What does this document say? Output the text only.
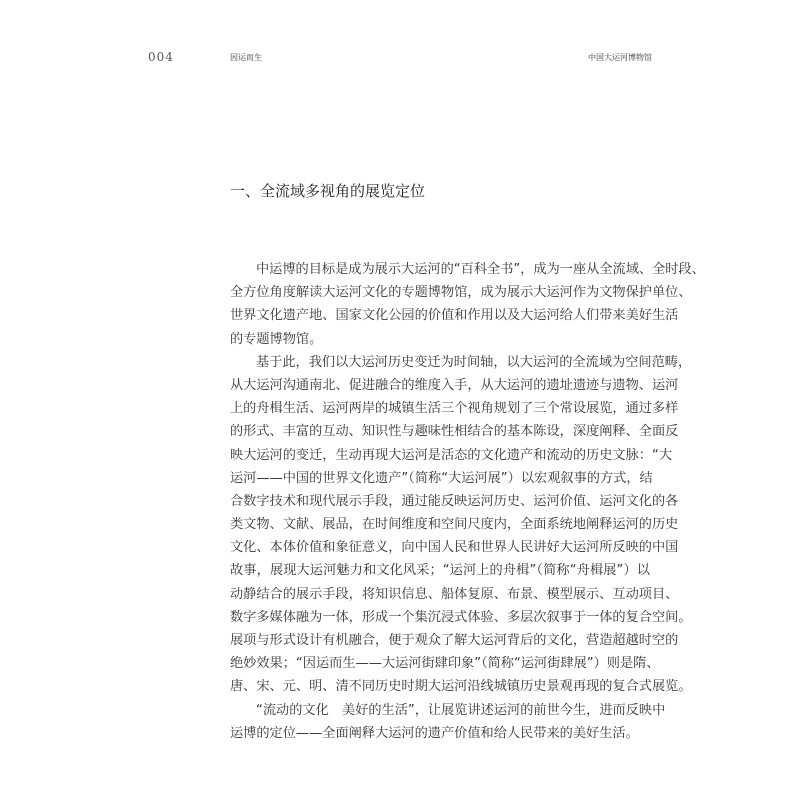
004	因运而生	中国大运河博物馆
一、全流域多视角的展览定位
中运博的目标是成为展示大运河的“百科全书”，成为一座从全流域、全时段、
全方位角度解读大运河文化的专题博物馆，成为展示大运河作为文物保护单位、
世界文化遗产地、国家文化公园的价值和作用以及大运河给人们带来美好生活
的专题博物馆。
基于此，我们以大运河历史变迁为时间轴，以大运河的全流域为空间范畴，
从大运河沟通南北、促进融合的维度入手，从大运河的遗址遗迹与遗物、运河
上的舟楫生活、运河两岸的城镇生活三个视角规划了三个常设展览，通过多样
的形式、丰富的互动、知识性与趣味性相结合的基本陈设，深度阐释、全面反
映大运河的变迁，生动再现大运河是活态的文化遗产和流动的历史文脉：“大
运河——中国的世界文化遗产”（简称“大运河展”）以宏观叙事的方式，结
合数字技术和现代展示手段，通过能反映运河历史、运河价值、运河文化的各
类文物、文献、展品，在时间维度和空间尺度内，全面系统地阐释运河的历史
文化、本体价值和象征意义，向中国人民和世界人民讲好大运河所反映的中国
故事，展现大运河魅力和文化风采；“运河上的舟楫”（简称“舟楫展”）以
动静结合的展示手段，将知识信息、船体复原、布景、模型展示、互动项目、
数字多媒体融为一体，形成一个集沉浸式体验、多层次叙事于一体的复合空间。
展项与形式设计有机融合，便于观众了解大运河背后的文化，营造超越时空的
绝妙效果；“因运而生——大运河街肆印象”（简称“运河街肆展”）则是隋、
唐、宋、元、明、清不同历史时期大运河沿线城镇历史景观再现的复合式展览。
“流动的文化　美好的生活”，让展览讲述运河的前世今生，进而反映中
运博的定位——全面阐释大运河的遗产价值和给人民带来的美好生活。
